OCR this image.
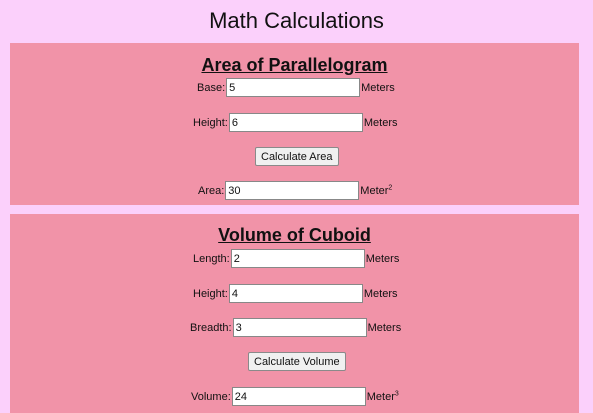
Math Calculations
Area of Parallelogram
Base:
5	Meters
Height:
6	Meters
Calculate Area
Area:
30	Meter$^2$
Volume of Cuboid
Length:
2	Meters
Height:
4	Meters
Breadth:
3	Meters
Calculate Volume
Volume:
24	Meter$^3$
